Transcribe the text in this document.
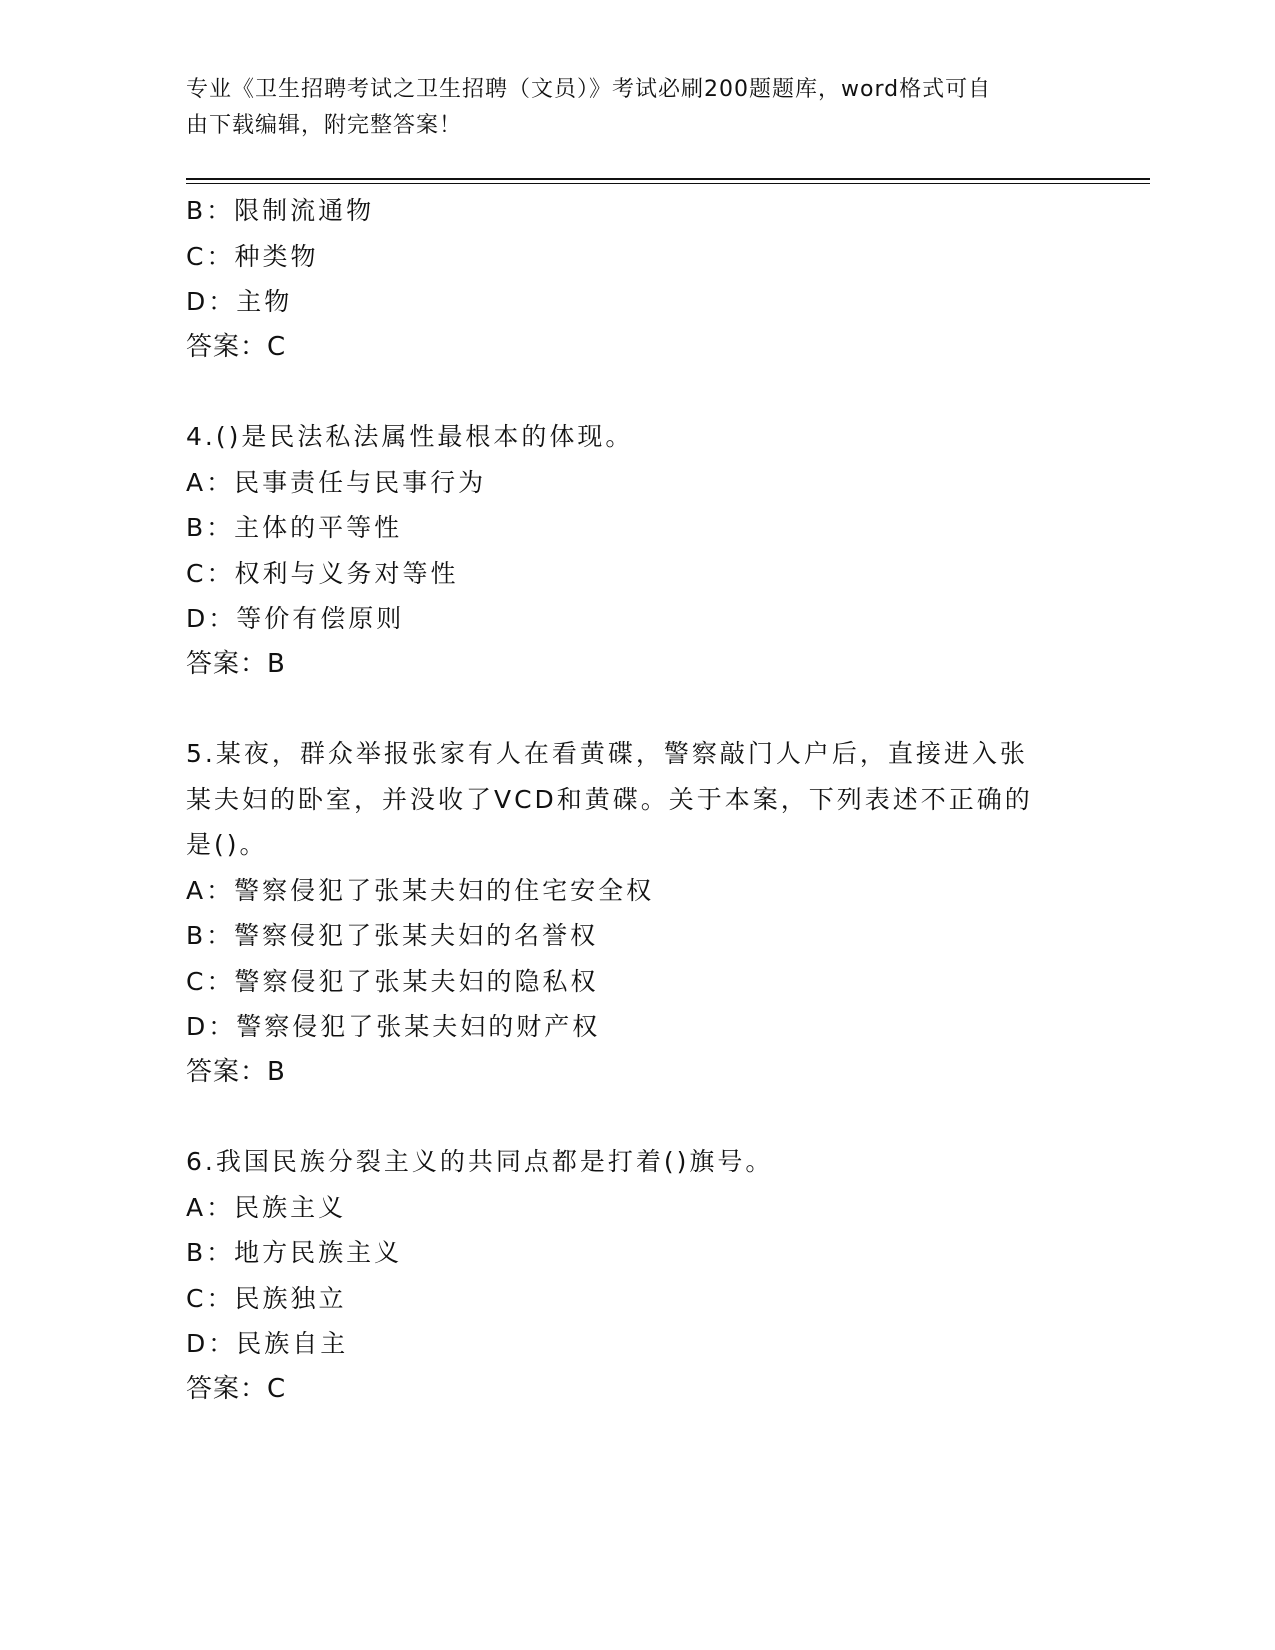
专业《卫生招聘考试之卫生招聘（文员）》考试必刷200题题库，word格式可自
由下载编辑，附完整答案！
B：限制流通物
C：种类物
D：主物
答案：C
4.()是民法私法属性最根本的体现。
A：民事责任与民事行为
B：主体的平等性
C：权利与义务对等性
D：等价有偿原则
答案：B
5.某夜，群众举报张家有人在看黄碟，警察敲门人户后，直接进入张
某夫妇的卧室，并没收了VCD和黄碟。关于本案，下列表述不正确的
是()。
A：警察侵犯了张某夫妇的住宅安全权
B：警察侵犯了张某夫妇的名誉权
C：警察侵犯了张某夫妇的隐私权
D：警察侵犯了张某夫妇的财产权
答案：B
6.我国民族分裂主义的共同点都是打着()旗号。
A：民族主义
B：地方民族主义
C：民族独立
D：民族自主
答案：C
